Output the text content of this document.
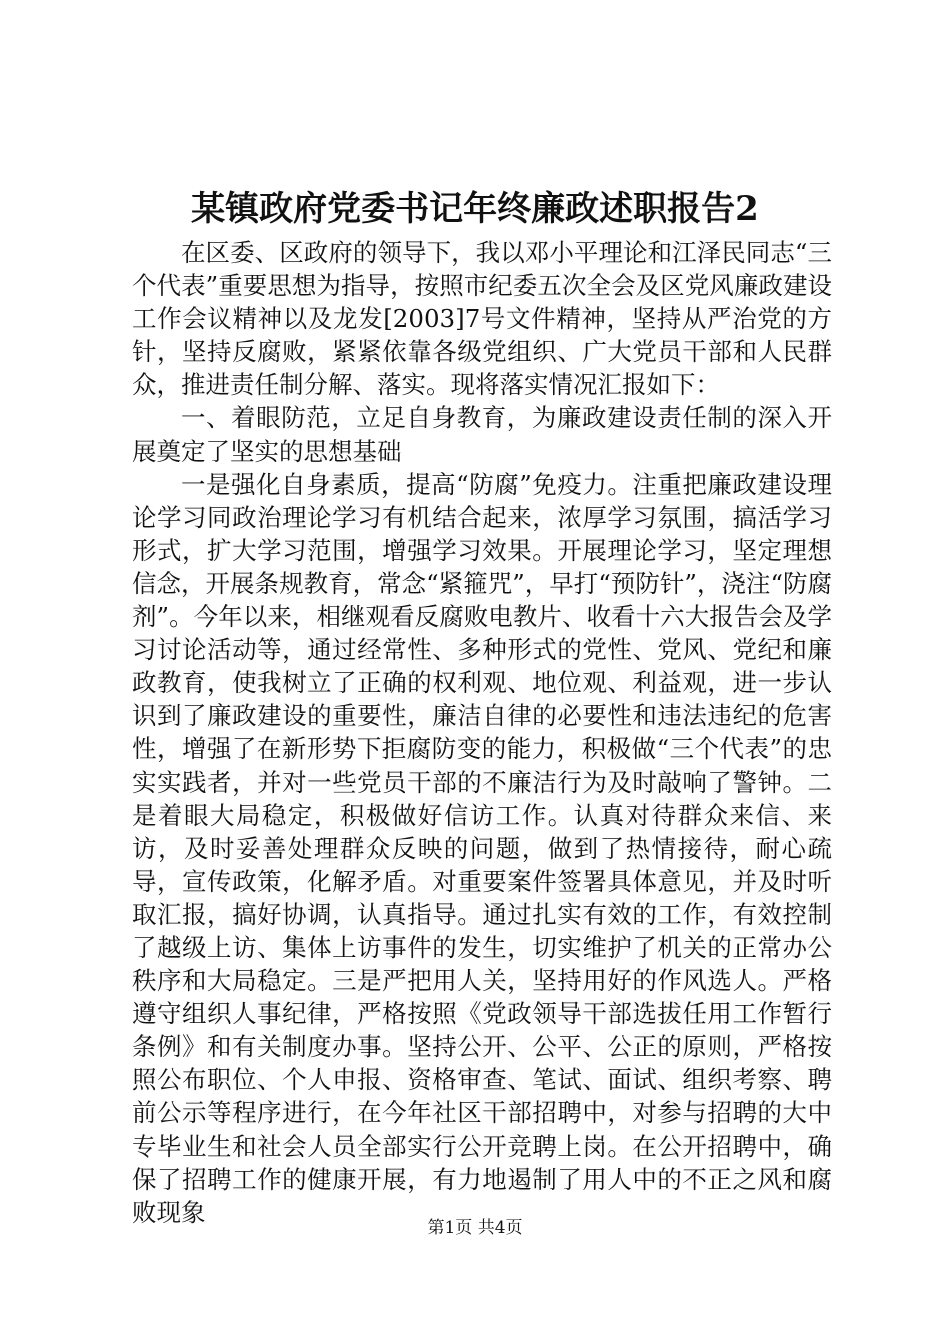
某镇政府党委书记年终廉政述职报告2

在区委、区政府的领导下，我以邓小平理论和江泽民同志“三个代表”重要思想为指导，按照市纪委五次全会及区党风廉政建设工作会议精神以及龙发[2003]7号文件精神，坚持从严治党的方针，坚持反腐败，紧紧依靠各级党组织、广大党员干部和人民群众，推进责任制分解、落实。现将落实情况汇报如下：

一、着眼防范，立足自身教育，为廉政建设责任制的深入开展奠定了坚实的思想基础

一是强化自身素质，提高“防腐”免疫力。注重把廉政建设理论学习同政治理论学习有机结合起来，浓厚学习氛围，搞活学习形式，扩大学习范围，增强学习效果。开展理论学习，坚定理想信念，开展条规教育，常念“紧箍咒”，早打“预防针”，浇注“防腐剂”。今年以来，相继观看反腐败电教片、收看十六大报告会及学习讨论活动等，通过经常性、多种形式的党性、党风、党纪和廉政教育，使我树立了正确的权利观、地位观、利益观，进一步认识到了廉政建设的重要性，廉洁自律的必要性和违法违纪的危害性，增强了在新形势下拒腐防变的能力，积极做“三个代表”的忠实实践者，并对一些党员干部的不廉洁行为及时敲响了警钟。二是着眼大局稳定，积极做好信访工作。认真对待群众来信、来访，及时妥善处理群众反映的问题，做到了热情接待，耐心疏导，宣传政策，化解矛盾。对重要案件签署具体意见，并及时听取汇报，搞好协调，认真指导。通过扎实有效的工作，有效控制了越级上访、集体上访事件的发生，切实维护了机关的正常办公秩序和大局稳定。三是严把用人关，坚持用好的作风选人。严格遵守组织人事纪律，严格按照《党政领导干部选拔任用工作暂行条例》和有关制度办事。坚持公开、公平、公正的原则，严格按照公布职位、个人申报、资格审查、笔试、面试、组织考察、聘前公示等程序进行，在今年社区干部招聘中，对参与招聘的大中专毕业生和社会人员全部实行公开竞聘上岗。在公开招聘中，确保了招聘工作的健康开展，有力地遏制了用人中的不正之风和腐败现象

第1页 共4页
